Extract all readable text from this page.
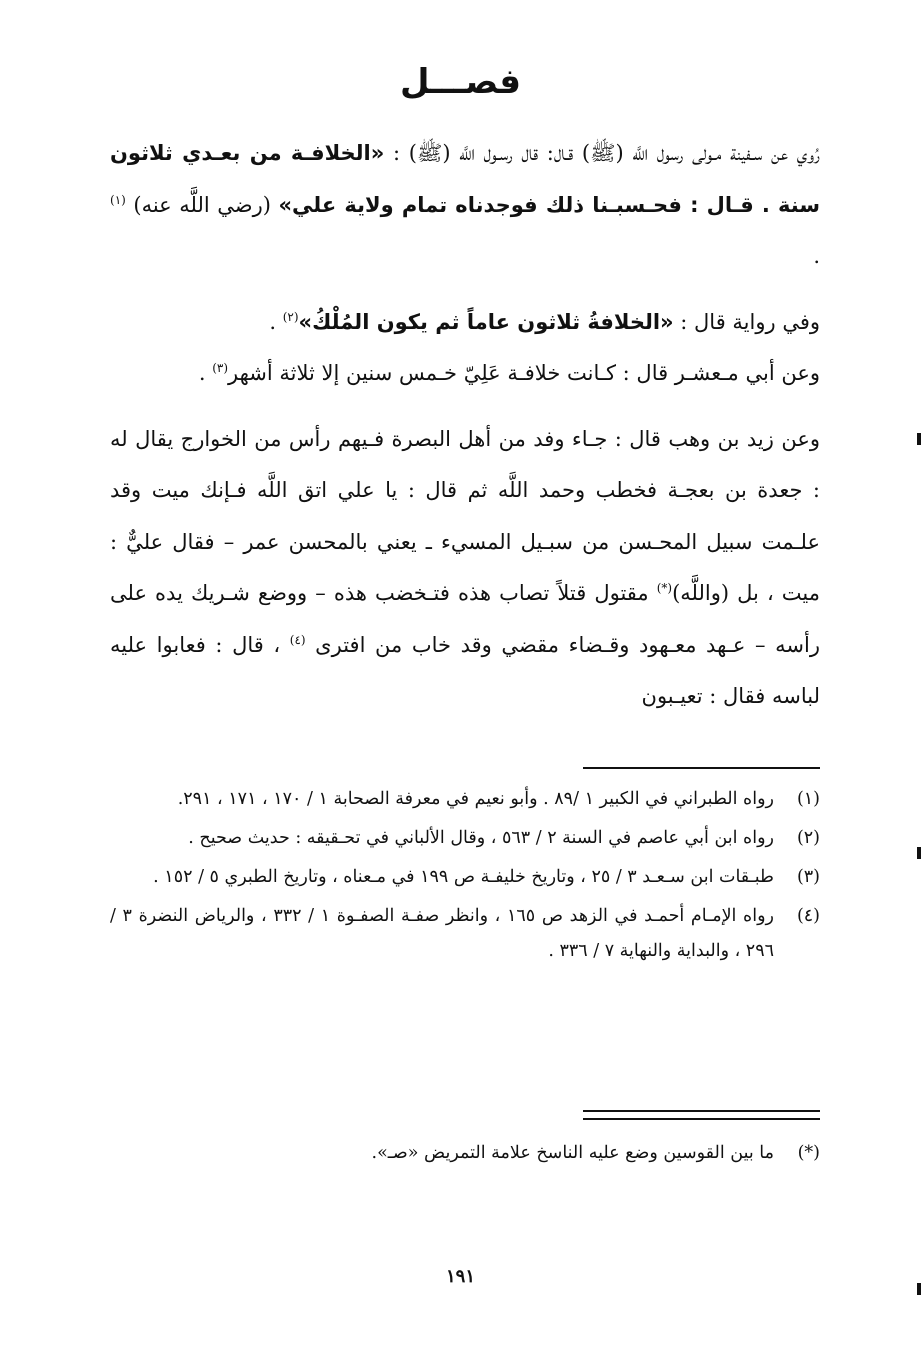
فصـــل

رُوي عن سـفينة مـولى رسول اللَّه (ﷺ) قـال: قال رسـول اللَّه (ﷺ) : «الخلافـة من بعـدي ثلاثون سنة . قـال : فحـسبـنا ذلك فوجدناه تمام ولاية علي» (رضي اللَّه عنه) $^{(١)}$ .

وفي رواية قال : «الخلافةُ ثلاثون عاماً ثم يكون المُلْكُ»$^{(٢)}$ .

وعن أبي مـعشـر قال : كـانت خلافـة عَلِيّ خـمس سنين إلا ثلاثة أشهر$^{(٣)}$ .

وعن زيد بن وهب قال : جـاء وفد من أهل البصرة فـيهم رأس من الخوارج يقال له : جعدة بن بعجـة فخطب وحمد اللَّه ثم قال : يا علي اتق اللَّه فـإنك ميت وقد علـمت سبيل المحـسن من سبـيل المسيء ـ يعني بالمحسن عمر – فقال عليٌّ : ميت ، بل (واللَّه)(*) مقتول قتلاً تصاب هذه فتـخضب هذه – ووضع شـريك يده على رأسه – عـهد معـهود وقـضاء مقضي وقد خاب من افترى $^{(٤)}$ ، قال : فعابوا عليه لباسه فقال : تعيـبون

(١)
رواه الطبراني في الكبير ١ /٨٩ . وأبو نعيم في معرفة الصحابة ١ / ١٧٠ ، ١٧١ ، ٢٩١.
(٢)
رواه ابن أبي عاصم في السنة ٢ / ٥٦٣ ، وقال الألباني في تحـقيقه : حديث صحيح .
(٣)
طبـقات ابن سـعـد ٣ / ٢٥ ، وتاريخ خليفـة ص ١٩٩ في مـعناه ، وتاريخ الطبري ٥ / ١٥٢ .
(٤)
رواه الإمـام أحمـد في الزهد ص ١٦٥ ، وانظر صفـة الصفـوة ١ / ٣٣٢ ، والرياض النضرة ٣ / ٢٩٦ ، والبداية والنهاية ٧ / ٣٣٦ .
(*)
ما بين القوسين وضع عليه الناسخ علامة التمريض «صـ».
١٩١
